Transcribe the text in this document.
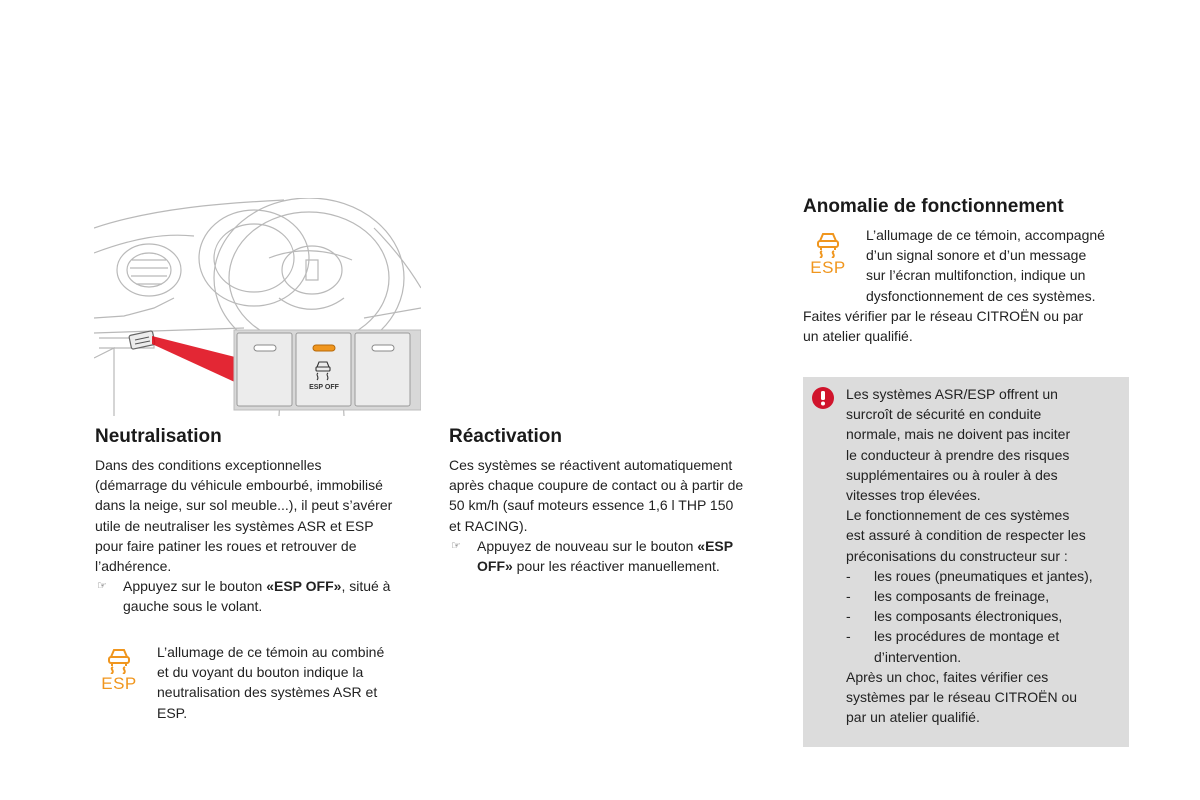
ESP OFF
Neutralisation
Dans des conditions exceptionnelles
(démarrage du véhicule embourbé, immobilisé
dans la neige, sur sol meuble...), il peut s’avérer
utile de neutraliser les systèmes ASR et ESP
pour faire patiner les roues et retrouver de
l’adhérence.
☞ Appuyez sur le bouton «ESP OFF», situé à
gauche sous le volant.
ESP
L’allumage de ce témoin au combiné
et du voyant du bouton indique la
neutralisation des systèmes ASR et
ESP.
Réactivation
Ces systèmes se réactivent automatiquement
après chaque coupure de contact ou à partir de
50 km/h (sauf moteurs essence 1,6 l THP 150
et RACING).
☞ Appuyez de nouveau sur le bouton «ESP
OFF» pour les réactiver manuellement.
Anomalie de fonctionnement
ESP
L’allumage de ce témoin, accompagné
d’un signal sonore et d’un message
sur l’écran multifonction, indique un
dysfonctionnement de ces systèmes.
Faites vérifier par le réseau CITROËN ou par
un atelier qualifié.
Les systèmes ASR/ESP offrent un
surcroît de sécurité en conduite
normale, mais ne doivent pas inciter
le conducteur à prendre des risques
supplémentaires ou à rouler à des
vitesses trop élevées.
Le fonctionnement de ces systèmes
est assuré à condition de respecter les
préconisations du constructeur sur :
- les roues (pneumatiques et jantes),
- les composants de freinage,
- les composants électroniques,
- les procédures de montage et
d’intervention.
Après un choc, faites vérifier ces
systèmes par le réseau CITROËN ou
par un atelier qualifié.
